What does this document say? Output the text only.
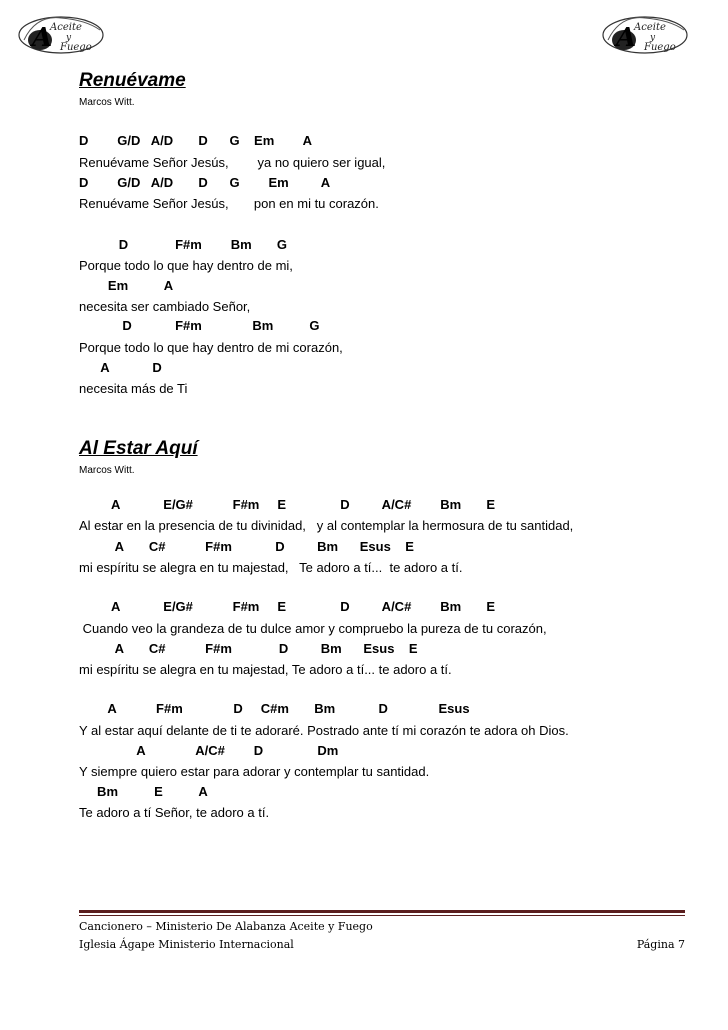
A
Aceite
y
Fuego	A
Aceite
y
Fuego
Renuévame
Marcos Witt.
D        G/D   A/D       D      G    Em        A
Renuévame Señor Jesús,        ya no quiero ser igual,
D        G/D   A/D       D      G        Em         A
Renuévame Señor Jesús,       pon en mi tu corazón.
D             F#m        Bm       G
Porque todo lo que hay dentro de mi,
Em          A
necesita ser cambiado Señor,
D            F#m              Bm          G
Porque todo lo que hay dentro de mi corazón,
A            D
necesita más de Ti
Al Estar Aquí
Marcos Witt.
A            E/G#           F#m     E               D         A/C#        Bm       E
Al estar en la presencia de tu divinidad,   y al contemplar la hermosura de tu santidad,
A       C#           F#m            D         Bm      Esus    E
mi espíritu se alegra en tu majestad,   Te adoro a tí...  te adoro a tí.
A            E/G#           F#m     E               D         A/C#        Bm       E
Cuando veo la grandeza de tu dulce amor y compruebo la pureza de tu corazón,
A       C#           F#m             D         Bm      Esus    E
mi espíritu se alegra en tu majestad, Te adoro a tí... te adoro a tí.
A           F#m              D     C#m       Bm            D              Esus
Y al estar aquí delante de ti te adoraré. Postrado ante tí mi corazón te adora oh Dios.
A              A/C#        D               Dm
Y siempre quiero estar para adorar y contemplar tu santidad.
Bm          E          A
Te adoro a tí Señor, te adoro a tí.
Cancionero – Ministerio De Alabanza Aceite y Fuego
Iglesia Ágape Ministerio Internacional	Página 7
